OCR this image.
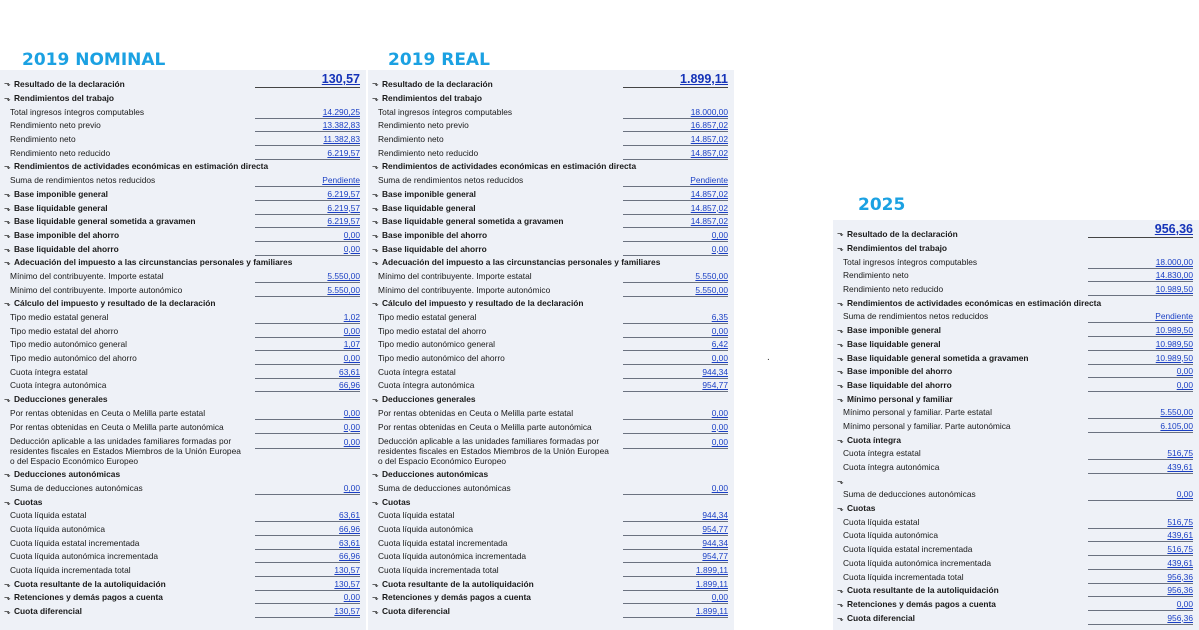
2019 NOMINAL
⬎ Resultado de la declaración	130,57
⬎ Rendimientos del trabajo
Total ingresos íntegros computables	14.290,25
Rendimiento neto previo	13.382,83
Rendimiento neto	11.382,83
Rendimiento neto reducido	6.219,57
⬎ Rendimientos de actividades económicas en estimación directa
Suma de rendimientos netos reducidos	Pendiente
⬎ Base imponible general	6.219,57
⬎ Base liquidable general	6.219,57
⬎ Base liquidable general sometida a gravamen	6.219,57
⬎ Base imponible del ahorro	0,00
⬎ Base liquidable del ahorro	0,00
⬎ Adecuación del impuesto a las circunstancias personales y familiares
Mínimo del contribuyente. Importe estatal	5.550,00
Mínimo del contribuyente. Importe autonómico	5.550,00
⬎ Cálculo del impuesto y resultado de la declaración
Tipo medio estatal general	1,02
Tipo medio estatal del ahorro	0,00
Tipo medio autonómico general	1,07
Tipo medio autonómico del ahorro	0,00
Cuota íntegra estatal	63,61
Cuota íntegra autonómica	66,96
⬎ Deducciones generales
Por rentas obtenidas en Ceuta o Melilla parte estatal	0,00
Por rentas obtenidas en Ceuta o Melilla parte autonómica	0,00
Deducción aplicable a las unidades familiares formadas por residentes fiscales en Estados Miembros de la Unión Europea o del Espacio Económico Europeo
0,00
⬎ Deducciones autonómicas
Suma de deducciones autonómicas	0,00
⬎ Cuotas
Cuota líquida estatal	63,61
Cuota líquida autonómica	66,96
Cuota líquida estatal incrementada	63,61
Cuota líquida autonómica incrementada	66,96
Cuota líquida incrementada total	130,57
⬎ Cuota resultante de la autoliquidación	130,57
⬎ Retenciones y demás pagos a cuenta	0,00
⬎ Cuota diferencial	130,57
2019 REAL
⬎ Resultado de la declaración	1.899,11
⬎ Rendimientos del trabajo
Total ingresos íntegros computables	18.000,00
Rendimiento neto previo	16.857,02
Rendimiento neto	14.857,02
Rendimiento neto reducido	14.857,02
⬎ Rendimientos de actividades económicas en estimación directa
Suma de rendimientos netos reducidos	Pendiente
⬎ Base imponible general	14.857,02
⬎ Base liquidable general	14.857,02
⬎ Base liquidable general sometida a gravamen	14.857,02
⬎ Base imponible del ahorro	0,00
⬎ Base liquidable del ahorro	0,00
⬎ Adecuación del impuesto a las circunstancias personales y familiares
Mínimo del contribuyente. Importe estatal	5.550,00
Mínimo del contribuyente. Importe autonómico	5.550,00
⬎ Cálculo del impuesto y resultado de la declaración
Tipo medio estatal general	6,35
Tipo medio estatal del ahorro	0,00
Tipo medio autonómico general	6,42
Tipo medio autonómico del ahorro	0,00
Cuota íntegra estatal	944,34
Cuota íntegra autonómica	954,77
⬎ Deducciones generales
Por rentas obtenidas en Ceuta o Melilla parte estatal	0,00
Por rentas obtenidas en Ceuta o Melilla parte autonómica	0,00
Deducción aplicable a las unidades familiares formadas por residentes fiscales en Estados Miembros de la Unión Europea o del Espacio Económico Europeo
0,00
⬎ Deducciones autonómicas
Suma de deducciones autonómicas	0,00
⬎ Cuotas
Cuota líquida estatal	944,34
Cuota líquida autonómica	954,77
Cuota líquida estatal incrementada	944,34
Cuota líquida autonómica incrementada	954,77
Cuota líquida incrementada total	1.899,11
⬎ Cuota resultante de la autoliquidación	1.899,11
⬎ Retenciones y demás pagos a cuenta	0,00
⬎ Cuota diferencial	1.899,11
2025
⬎ Resultado de la declaración	956,36
⬎ Rendimientos del trabajo
Total ingresos íntegros computables	18.000,00
Rendimiento neto	14.830,00
Rendimiento neto reducido	10.989,50
⬎ Rendimientos de actividades económicas en estimación directa
Suma de rendimientos netos reducidos	Pendiente
⬎ Base imponible general	10.989,50
⬎ Base liquidable general	10.989,50
⬎ Base liquidable general sometida a gravamen	10.989,50
⬎ Base imponible del ahorro	0,00
⬎ Base liquidable del ahorro	0,00
⬎ Mínimo personal y familiar
Mínimo personal y familiar. Parte estatal	5.550,00
Mínimo personal y familiar. Parte autonómica	6.105,00
⬎ Cuota íntegra
Cuota íntegra estatal	516,75
Cuota íntegra autonómica	439,61
⬎
Suma de deducciones autonómicas	0,00
⬎ Cuotas
Cuota líquida estatal	516,75
Cuota líquida autonómica	439,61
Cuota líquida estatal incrementada	516,75
Cuota líquida autonómica incrementada	439,61
Cuota líquida incrementada total	956,36
⬎ Cuota resultante de la autoliquidación	956,36
⬎ Retenciones y demás pagos a cuenta	0,00
⬎ Cuota diferencial	956,36
.
